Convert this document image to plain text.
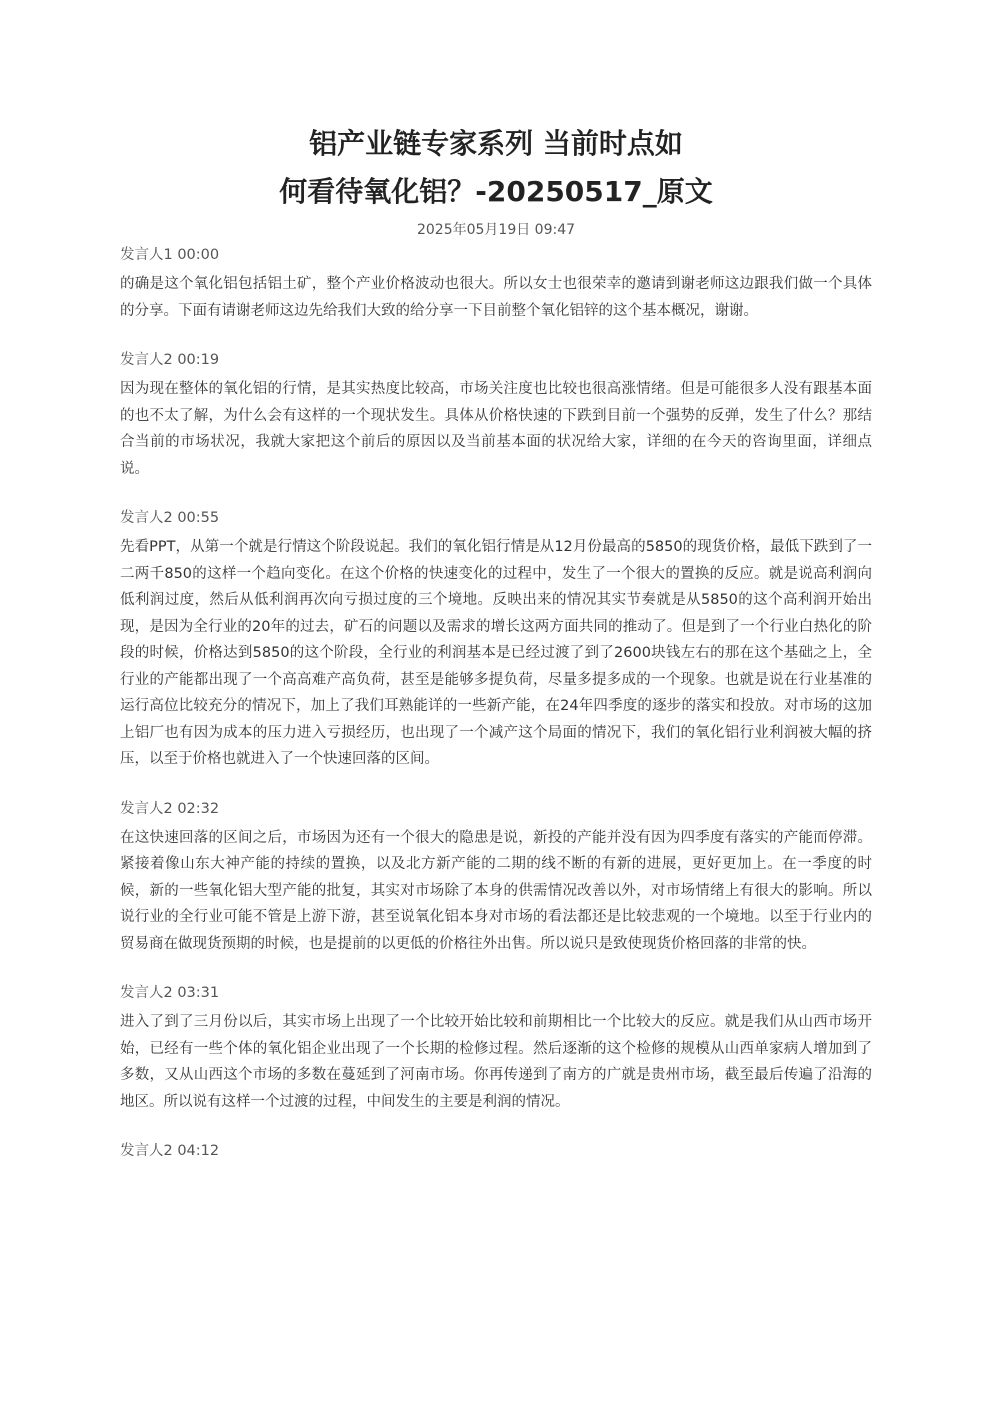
铝产业链专家系列 当前时点如
何看待氧化铝？-20250517_原文
2025年05月19日 09:47
发言人1 00:00

的确是这个氧化铝包括铝土矿，整个产业价格波动也很大。所以女士也很荣幸的邀请到谢老师这边跟我们做一个具体的分享。下面有请谢老师这边先给我们大致的给分享一下目前整个氧化铝锌的这个基本概况，谢谢。

发言人2 00:19

因为现在整体的氧化铝的行情，是其实热度比较高，市场关注度也比较也很高涨情绪。但是可能很多人没有跟基本面的也不太了解，为什么会有这样的一个现状发生。具体从价格快速的下跌到目前一个强势的反弹，发生了什么？那结合当前的市场状况，我就大家把这个前后的原因以及当前基本面的状况给大家，详细的在今天的咨询里面，详细点说。

发言人2 00:55

先看PPT，从第一个就是行情这个阶段说起。我们的氧化铝行情是从12月份最高的5850的现货价格，最低下跌到了一二两千850的这样一个趋向变化。在这个价格的快速变化的过程中，发生了一个很大的置换的反应。就是说高利润向低利润过度，然后从低利润再次向亏损过度的三个境地。反映出来的情况其实节奏就是从5850的这个高利润开始出现，是因为全行业的20年的过去，矿石的问题以及需求的增长这两方面共同的推动了。但是到了一个行业白热化的阶段的时候，价格达到5850的这个阶段，全行业的利润基本是已经过渡了到了2600块钱左右的那在这个基础之上，全行业的产能都出现了一个高高难产高负荷，甚至是能够多提负荷，尽量多提多成的一个现象。也就是说在行业基准的运行高位比较充分的情况下，加上了我们耳熟能详的一些新产能，在24年四季度的逐步的落实和投放。对市场的这加上铝厂也有因为成本的压力进入亏损经历，也出现了一个减产这个局面的情况下，我们的氧化铝行业利润被大幅的挤压，以至于价格也就进入了一个快速回落的区间。

发言人2 02:32

在这快速回落的区间之后，市场因为还有一个很大的隐患是说，新投的产能并没有因为四季度有落实的产能而停滞。紧接着像山东大神产能的持续的置换，以及北方新产能的二期的线不断的有新的进展，更好更加上。在一季度的时候，新的一些氧化铝大型产能的批复，其实对市场除了本身的供需情况改善以外，对市场情绪上有很大的影响。所以说行业的全行业可能不管是上游下游，甚至说氧化铝本身对市场的看法都还是比较悲观的一个境地。以至于行业内的贸易商在做现货预期的时候，也是提前的以更低的价格往外出售。所以说只是致使现货价格回落的非常的快。

发言人2 03:31

进入了到了三月份以后，其实市场上出现了一个比较开始比较和前期相比一个比较大的反应。就是我们从山西市场开始，已经有一些个体的氧化铝企业出现了一个长期的检修过程。然后逐渐的这个检修的规模从山西单家病人增加到了多数，又从山西这个市场的多数在蔓延到了河南市场。你再传递到了南方的广就是贵州市场，截至最后传遍了沿海的地区。所以说有这样一个过渡的过程，中间发生的主要是利润的情况。

发言人2 04:12
